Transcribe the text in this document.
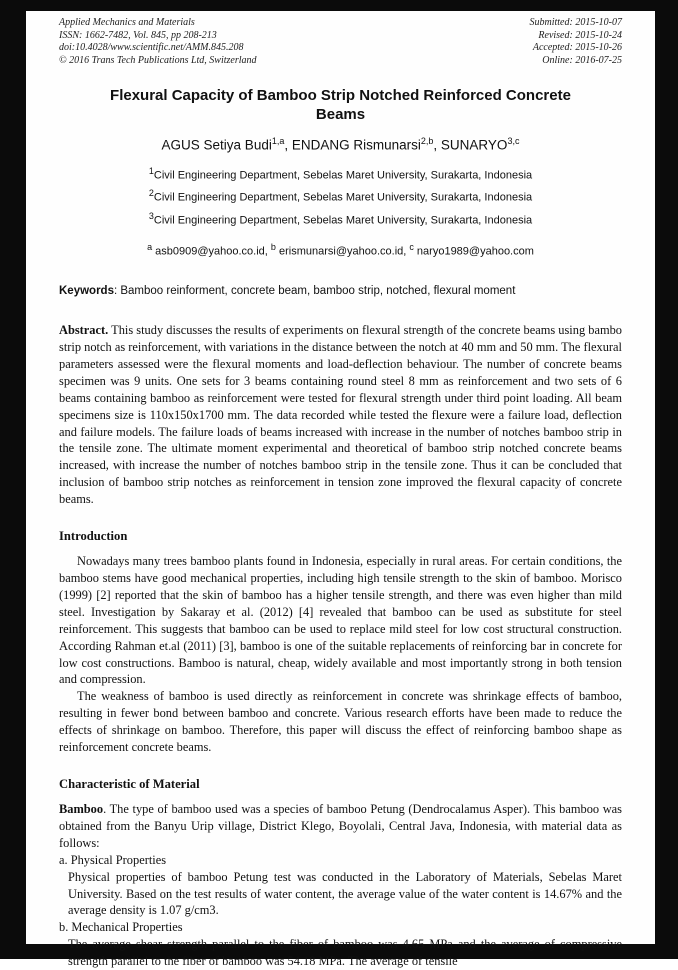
Applied Mechanics and Materials
ISSN: 1662-7482, Vol. 845, pp 208-213
doi:10.4028/www.scientific.net/AMM.845.208
© 2016 Trans Tech Publications Ltd, Switzerland
Submitted: 2015-10-07
Revised: 2015-10-24
Accepted: 2015-10-26
Online: 2016-07-25
Flexural Capacity of Bamboo Strip Notched Reinforced Concrete Beams
AGUS Setiya Budi$^{1,a}$, ENDANG Rismunarsi$^{2,b}$, SUNARYO$^{3,c}$
$^1$Civil Engineering Department, Sebelas Maret University, Surakarta, Indonesia
$^2$Civil Engineering Department, Sebelas Maret University, Surakarta, Indonesia
$^3$Civil Engineering Department, Sebelas Maret University, Surakarta, Indonesia
$^a$ asb0909@yahoo.co.id, $^b$ erismunarsi@yahoo.co.id, $^c$ naryo1989@yahoo.com
Keywords: Bamboo reinforment, concrete beam, bamboo strip, notched, flexural moment

Abstract. This study discusses the results of experiments on flexural strength of the concrete beams using bambo strip notch as reinforcement, with variations in the distance between the notch at 40 mm and 50 mm. The flexural parameters assessed were the flexural moments and load-deflection behaviour. The number of concrete beams specimen was 9 units. One sets for 3 beams containing round steel 8 mm as reinforcement and two sets of 6 beams containing bamboo as reinforcement were tested for flexural strength under third point loading. All beam specimens size is 110x150x1700 mm. The data recorded while tested the flexure were a failure load, deflection and failure models. The failure loads of beams increased with increase in the number of notches bamboo strip in the tensile zone. The ultimate moment experimental and theoretical of bamboo strip notched concrete beams increased, with increase the number of notches bamboo strip in the tensile zone. Thus it can be concluded that inclusion of bamboo strip notches as reinforcement in tension zone improved the flexural capacity of concrete beams.

Introduction

Nowadays many trees bamboo plants found in Indonesia, especially in rural areas. For certain conditions, the bamboo stems have good mechanical properties, including high tensile strength to the skin of bamboo. Morisco (1999) [2] reported that the skin of bamboo has a higher tensile strength, and there was even higher than mild steel. Investigation by Sakaray et al. (2012) [4] revealed that bamboo can be used as substitute for steel reinforcement. This suggests that bamboo can be used to replace mild steel for low cost structural construction. According Rahman et.al (2011) [3], bamboo is one of the suitable replacements of reinforcing bar in concrete for low cost constructions. Bamboo is natural, cheap, widely available and most importantly strong in both tension and compression.

The weakness of bamboo is used directly as reinforcement in concrete was shrinkage effects of bamboo, resulting in fewer bond between bamboo and concrete. Various research efforts have been made to reduce the effects of shrinkage on bamboo. Therefore, this paper will discuss the effect of reinforcing bamboo shape as reinforcement concrete beams.

Characteristic of Material

Bamboo. The type of bamboo used was a species of bamboo Petung (Dendrocalamus Asper). This bamboo was obtained from the Banyu Urip village, District Klego, Boyolali, Central Java, Indonesia, with material data as follows:

a. Physical Properties

Physical properties of bamboo Petung test was conducted in the Laboratory of Materials, Sebelas Maret University. Based on the test results of water content, the average value of the water content is 14.67% and the average density is 1.07 g/cm3.

b. Mechanical Properties

The average shear strength parallel to the fiber of bamboo was 4.65 MPa and the average of compressive strength parallel to the fiber of bamboo was 54.18 MPa. The average of tensile
